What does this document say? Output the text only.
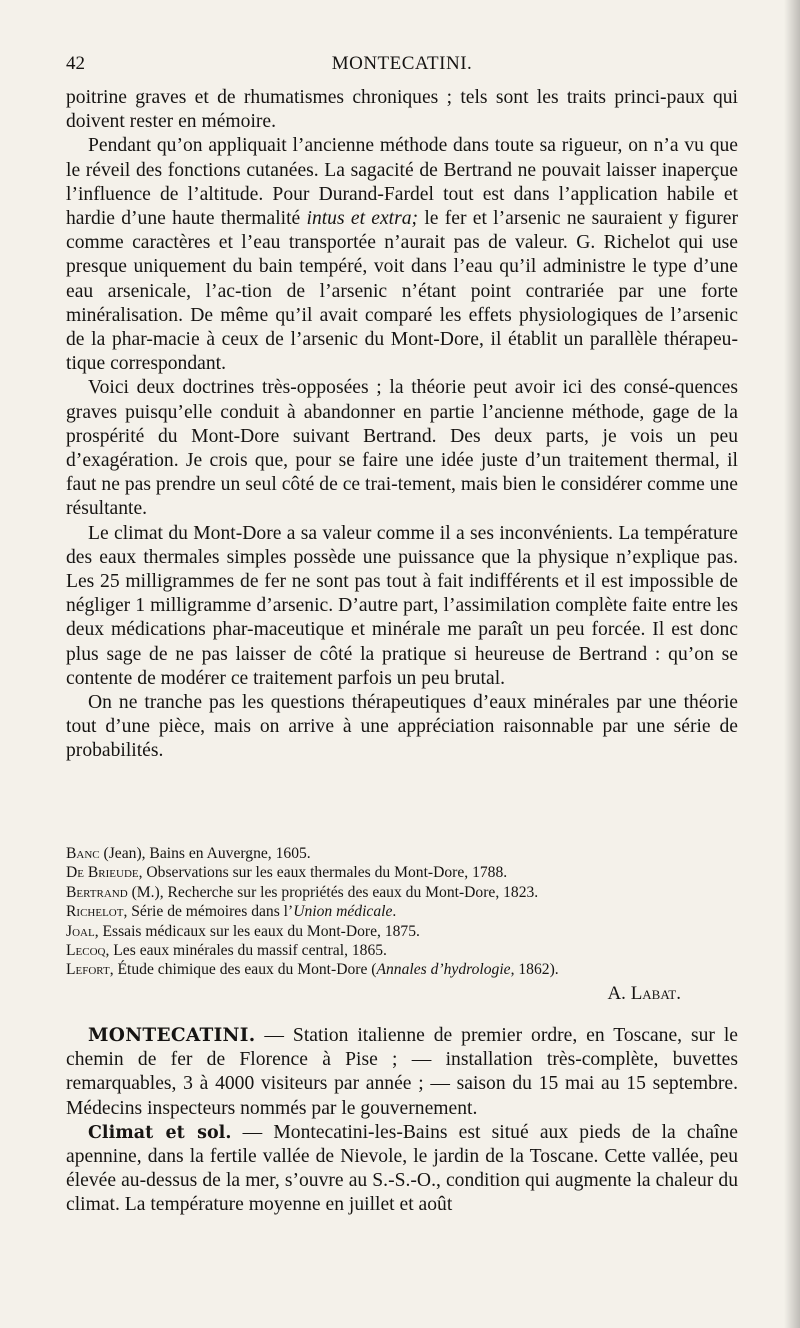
42	MONTECATINI.

poitrine graves et de rhumatismes chroniques ; tels sont les traits princi-paux qui doivent rester en mémoire.

Pendant qu’on appliquait l’ancienne méthode dans toute sa rigueur, on n’a vu que le réveil des fonctions cutanées. La sagacité de Bertrand ne pouvait laisser inaperçue l’influence de l’altitude. Pour Durand-Fardel tout est dans l’application habile et hardie d’une haute thermalité intus et extra; le fer et l’arsenic ne sauraient y figurer comme caractères et l’eau transportée n’aurait pas de valeur. G. Richelot qui use presque uniquement du bain tempéré, voit dans l’eau qu’il administre le type d’une eau arsenicale, l’ac-tion de l’arsenic n’étant point contrariée par une forte minéralisation. De même qu’il avait comparé les effets physiologiques de l’arsenic de la phar-macie à ceux de l’arsenic du Mont-Dore, il établit un parallèle thérapeu-tique correspondant.

Voici deux doctrines très-opposées ; la théorie peut avoir ici des consé-quences graves puisqu’elle conduit à abandonner en partie l’ancienne méthode, gage de la prospérité du Mont-Dore suivant Bertrand. Des deux parts, je vois un peu d’exagération. Je crois que, pour se faire une idée juste d’un traitement thermal, il faut ne pas prendre un seul côté de ce trai-tement, mais bien le considérer comme une résultante.

Le climat du Mont-Dore a sa valeur comme il a ses inconvénients. La température des eaux thermales simples possède une puissance que la physique n’explique pas. Les 25 milligrammes de fer ne sont pas tout à fait indifférents et il est impossible de négliger 1 milligramme d’arsenic. D’autre part, l’assimilation complète faite entre les deux médications phar-maceutique et minérale me paraît un peu forcée. Il est donc plus sage de ne pas laisser de côté la pratique si heureuse de Bertrand : qu’on se contente de modérer ce traitement parfois un peu brutal.

On ne tranche pas les questions thérapeutiques d’eaux minérales par une théorie tout d’une pièce, mais on arrive à une appréciation raisonnable par une série de probabilités.

Banc (Jean), Bains en Auvergne, 1605.
De Brieude, Observations sur les eaux thermales du Mont-Dore, 1788.
Bertrand (M.), Recherche sur les propriétés des eaux du Mont-Dore, 1823.
Richelot, Série de mémoires dans l’Union médicale.
Joal, Essais médicaux sur les eaux du Mont-Dore, 1875.
Lecoq, Les eaux minérales du massif central, 1865.
Lefort, Étude chimique des eaux du Mont-Dore (Annales d’hydrologie, 1862).
A. Labat.

MONTECATINI. — Station italienne de premier ordre, en Toscane, sur le chemin de fer de Florence à Pise ; — installation très-complète, buvettes remarquables, 3 à 4000 visiteurs par année ; — saison du 15 mai au 15 septembre. Médecins inspecteurs nommés par le gouvernement.

Climat et sol. — Montecatini-les-Bains est situé aux pieds de la chaîne apennine, dans la fertile vallée de Nievole, le jardin de la Toscane. Cette vallée, peu élevée au-dessus de la mer, s’ouvre au S.-S.-O., condition qui augmente la chaleur du climat. La température moyenne en juillet et août
